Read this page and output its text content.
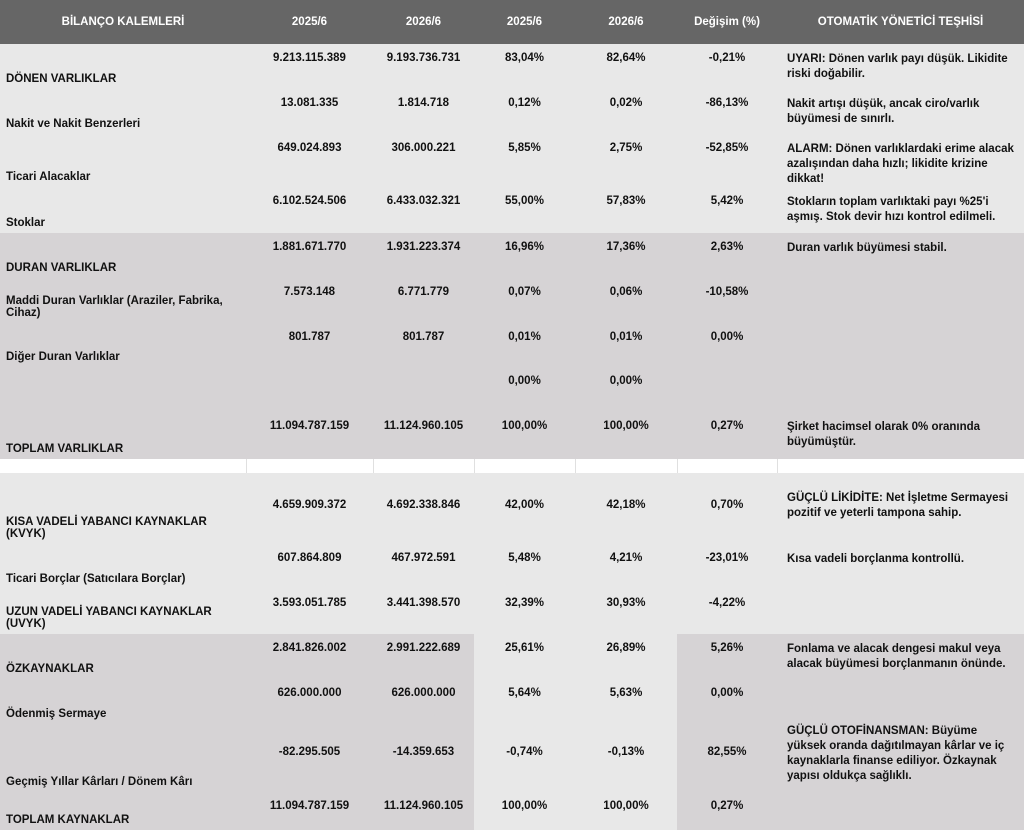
BİLANÇO KALEMLERİ	2025/6	2026/6	2025/6	2026/6	Değişim (%)	OTOMATİK YÖNETİCİ TEŞHİSİ
DÖNEN VARLIKLAR	9.213.115.389	9.193.736.731	83,04%	82,64%	-0,21%	UYARI: Dönen varlık payı düşük. Likidite riski doğabilir.
Nakit ve Nakit Benzerleri	13.081.335	1.814.718	0,12%	0,02%	-86,13%	Nakit artışı düşük, ancak ciro/varlık büyümesi de sınırlı.
Ticari Alacaklar	649.024.893	306.000.221	5,85%	2,75%	-52,85%	ALARM: Dönen varlıklardaki erime alacak azalışından daha hızlı; likidite krizine dikkat!
Stoklar	6.102.524.506	6.433.032.321	55,00%	57,83%	5,42%	Stokların toplam varlıktaki payı %25'i aşmış. Stok devir hızı kontrol edilmeli.
DURAN VARLIKLAR	1.881.671.770	1.931.223.374	16,96%	17,36%	2,63%	Duran varlık büyümesi stabil.
Maddi Duran Varlıklar (Araziler, Fabrika, Cihaz)	7.573.148	6.771.779	0,07%	0,06%	-10,58%	
Diğer Duran Varlıklar	801.787	801.787	0,01%	0,01%	0,00%	
			0,00%	0,00%		
TOPLAM VARLIKLAR	11.094.787.159	11.124.960.105	100,00%	100,00%	0,27%	Şirket hacimsel olarak 0% oranında büyümüştür.

KISA VADELİ YABANCI KAYNAKLAR (KVYK)	4.659.909.372	4.692.338.846	42,00%	42,18%	0,70%	GÜÇLÜ LİKİDİTE: Net İşletme Sermayesi pozitif ve yeterli tampona sahip.
Ticari Borçlar (Satıcılara Borçlar)	607.864.809	467.972.591	5,48%	4,21%	-23,01%	Kısa vadeli borçlanma kontrollü.
UZUN VADELİ YABANCI KAYNAKLAR (UVYK)	3.593.051.785	3.441.398.570	32,39%	30,93%	-4,22%	
ÖZKAYNAKLAR	2.841.826.002	2.991.222.689	25,61%	26,89%	5,26%	Fonlama ve alacak dengesi makul veya alacak büyümesi borçlanmanın önünde.
Ödenmiş Sermaye	626.000.000	626.000.000	5,64%	5,63%	0,00%	
Geçmiş Yıllar Kârları / Dönem Kârı	-82.295.505	-14.359.653	-0,74%	-0,13%	82,55%	GÜÇLÜ OTOFİNANSMAN: Büyüme yüksek oranda dağıtılmayan kârlar ve iç kaynaklarla finanse ediliyor. Özkaynak yapısı oldukça sağlıklı.
TOPLAM KAYNAKLAR	11.094.787.159	11.124.960.105	100,00%	100,00%	0,27%	
